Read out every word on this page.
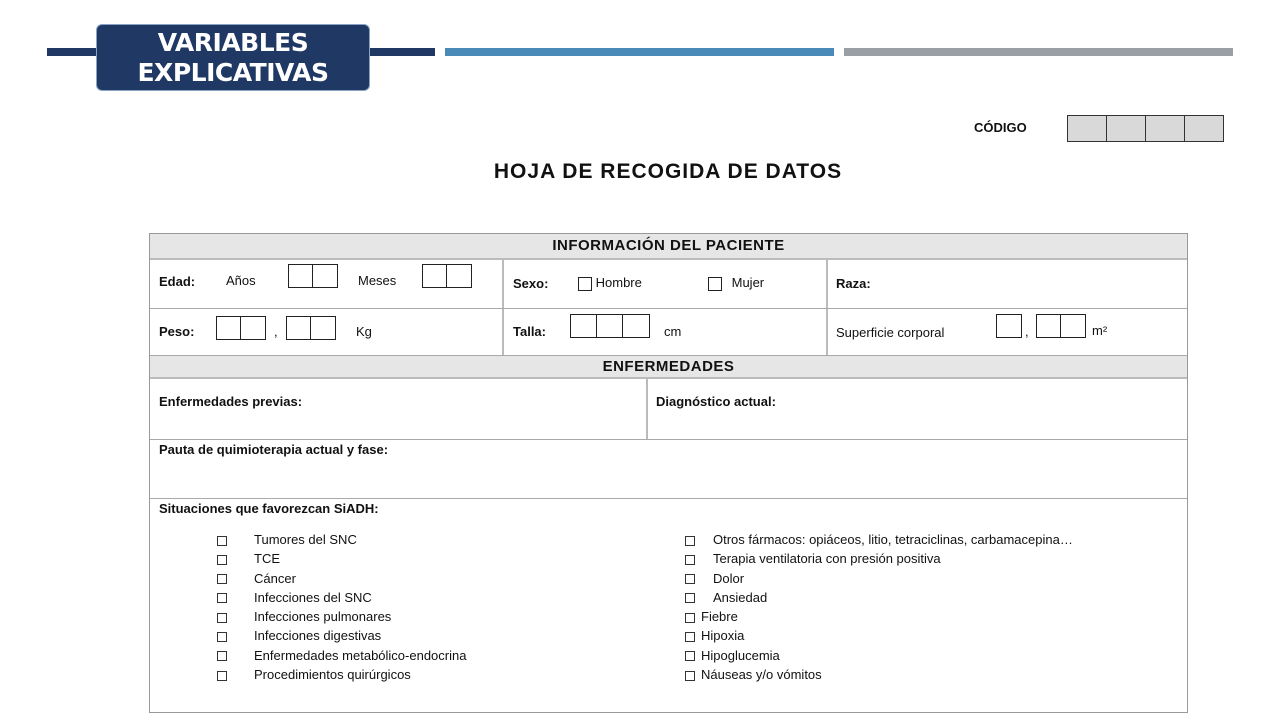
VARIABLES
EXPLICATIVAS
CÓDIGO
HOJA DE RECOGIDA DE DATOS
INFORMACIÓN DEL PACIENTE
Edad: Años	Meses	Sexo:	Hombre	Mujer	Raza:
Peso:	,	Kg	Talla:	cm	Superficie corporal	,	m²
ENFERMEDADES
Enfermedades previas:	Diagnóstico actual:
Pauta de quimioterapia actual y fase:
Situaciones que favorezcan SiADH:
Tumores del SNC
TCE
Cáncer
Infecciones del SNC
Infecciones pulmonares
Infecciones digestivas
Enfermedades metabólico-endocrina
Procedimientos quirúrgicos
Otros fármacos: opiáceos, litio, tetraciclinas, carbamacepina…
Terapia ventilatoria con presión positiva
Dolor
Ansiedad
Fiebre
Hipoxia
Hipoglucemia
Náuseas y/o vómitos
